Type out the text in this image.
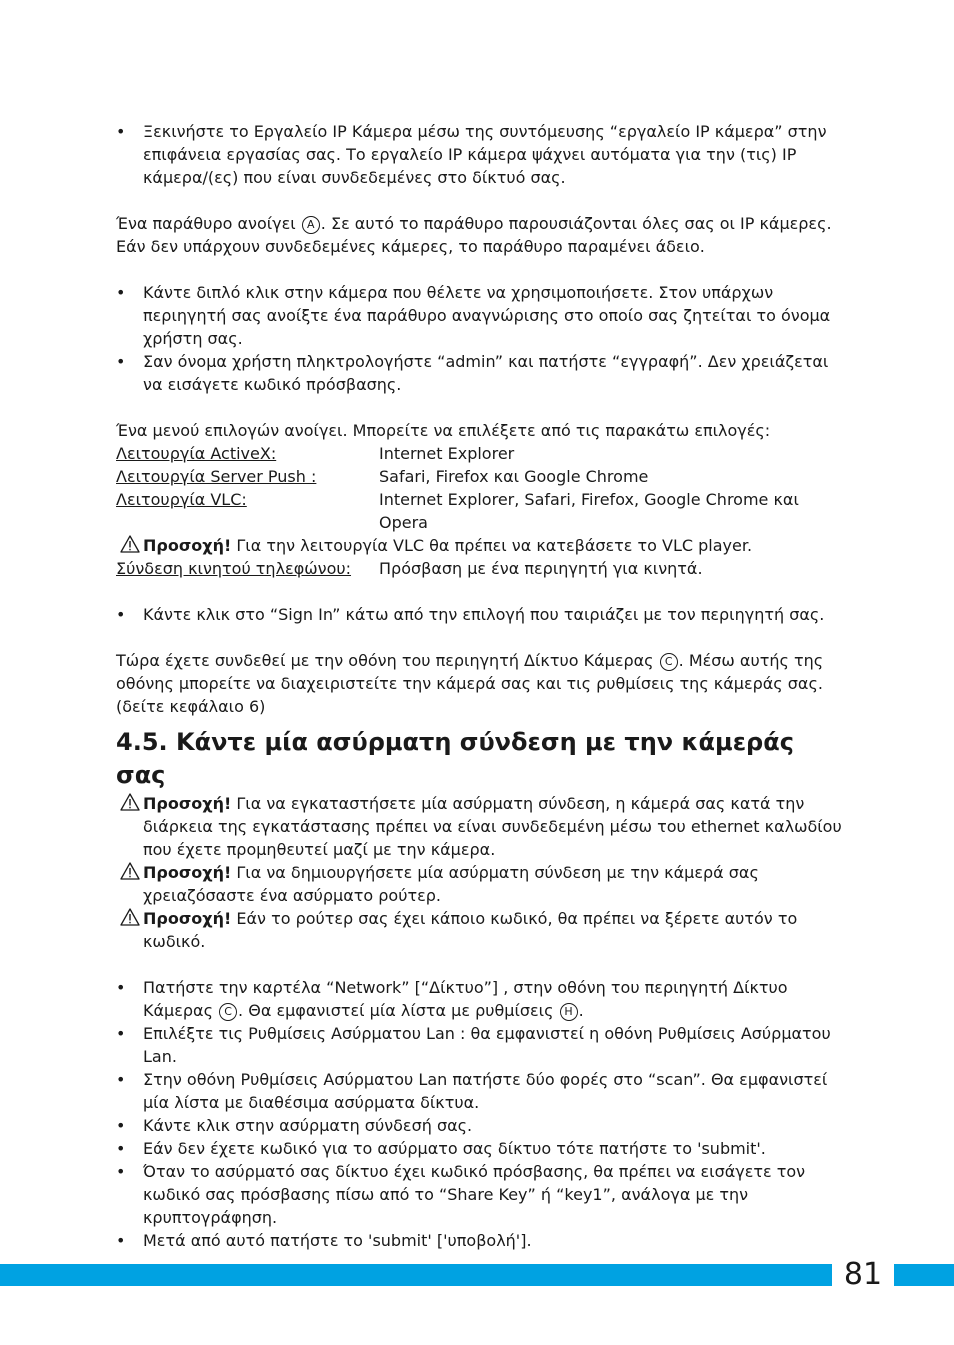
• Ξεκινήστε το Εργαλείο IP Κάμερα μέσω της συντόμευσης “εργαλείο IP κάμερα” στην επιφάνεια εργασίας σας. Το εργαλείο IP κάμερα ψάχνει αυτόματα για την (τις) IP κάμερα/(ες) που είναι συνδεδεμένες στο δίκτυό σας.

Ένα παράθυρο ανοίγει A . Σε αυτό το παράθυρο παρουσιάζονται όλες σας οι IP κάμερες. Εάν δεν υπάρχουν συνδεδεμένες κάμερες, το παράθυρο παραμένει άδειο.

• Κάντε διπλό κλικ στην κάμερα που θέλετε να χρησιμοποιήσετε. Στον υπάρχων περιηγητή σας ανοίξτε ένα παράθυρο αναγνώρισης στο οποίο σας ζητείται το όνομα χρήστη σας.

• Σαν όνομα χρήστη πληκτρολογήστε “admin” και πατήστε “εγγραφή”. Δεν χρειάζεται να εισάγετε κωδικό πρόσβασης.

Ένα μενού επιλογών ανοίγει. Μπορείτε να επιλέξετε από τις παρακάτω επιλογές:

Λειτουργία ActiveX:	Internet Explorer
Λειτουργία Server Push :	Safari, Firefox και Google Chrome
Λειτουργία VLC:	Internet Explorer, Safari, Firefox, Google Chrome και Opera
Προσοχή! Για την λειτουργία VLC θα πρέπει να κατεβάσετε το VLC player.
Σύνδεση κινητού τηλεφώνου:	Πρόσβαση με ένα περιηγητή για κινητά.

• Κάντε κλικ στο “Sign In” κάτω από την επιλογή που ταιριάζει με τον περιηγητή σας.

Τώρα έχετε συνδεθεί με την οθόνη του περιηγητή Δίκτυο Κάμερας C . Μέσω αυτής της οθόνης μπορείτε να διαχειριστείτε την κάμερά σας και τις ρυθμίσεις της κάμεράς σας. (δείτε κεφάλαιο 6)

4.5. Κάντε μία ασύρματη σύνδεση με την κάμεράς σας
Προσοχή! Για να εγκαταστήσετε μία ασύρματη σύνδεση, η κάμερά σας κατά την διάρκεια της εγκατάστασης πρέπει να είναι συνδεδεμένη μέσω του ethernet καλωδίου που έχετε προμηθευτεί μαζί με την κάμερα.
Προσοχή! Για να δημιουργήσετε μία ασύρματη σύνδεση με την κάμερά σας χρειαζόσαστε ένα ασύρματο ρούτερ.
Προσοχή! Εάν το ρούτερ σας έχει κάποιο κωδικό, θα πρέπει να ξέρετε αυτόν το κωδικό.

• Πατήστε την καρτέλα “Network” [“Δίκτυο”] , στην οθόνη του περιηγητή Δίκτυο Κάμερας C . Θα εμφανιστεί μία λίστα με ρυθμίσεις H .

• Επιλέξτε τις Ρυθμίσεις Ασύρματου Lan : θα εμφανιστεί η οθόνη Ρυθμίσεις Ασύρματου Lan.

• Στην οθόνη Ρυθμίσεις Ασύρματου Lan πατήστε δύο φορές στο “scan”. Θα εμφανιστεί μία λίστα με διαθέσιμα ασύρματα δίκτυα.

• Κάντε κλικ στην ασύρματη σύνδεσή σας.

• Εάν δεν έχετε κωδικό για το ασύρματο σας δίκτυο τότε πατήστε το 'submit'.

• Όταν το ασύρματό σας δίκτυο έχει κωδικό πρόσβασης, θα πρέπει να εισάγετε τον κωδικό σας πρόσβασης πίσω από το “Share Key” ή “key1”, ανάλογα με την κρυπτογράφηση.

• Μετά από αυτό πατήστε το 'submit' ['υποβολή'].

81
